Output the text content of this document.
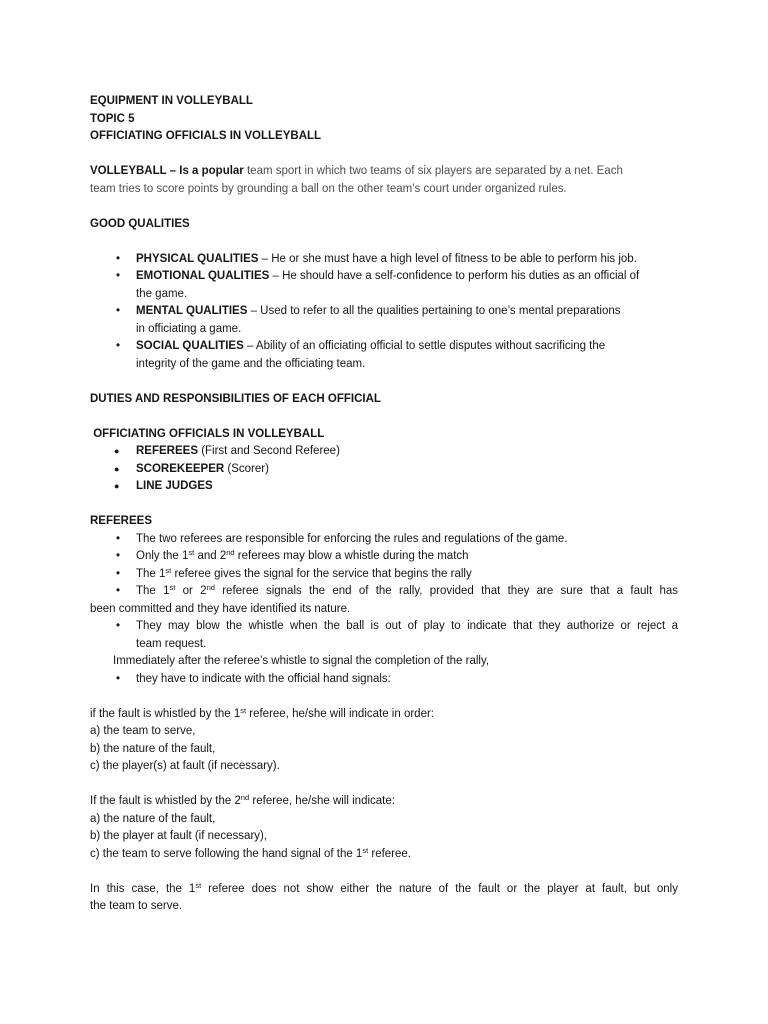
EQUIPMENT IN VOLLEYBALL
TOPIC 5
OFFICIATING OFFICIALS IN VOLLEYBALL
VOLLEYBALL – Is a popular team sport in which two teams of six players are separated by a net. Each
team tries to score points by grounding a ball on the other team’s court under organized rules.
GOOD QUALITIES
• PHYSICAL QUALITIES – He or she must have a high level of fitness to be able to perform his job.
• EMOTIONAL QUALITIES – He should have a self-confidence to perform his duties as an official of
the game.
• MENTAL QUALITIES – Used to refer to all the qualities pertaining to one’s mental preparations
in officiating a game.
• SOCIAL QUALITIES – Ability of an officiating official to settle disputes without sacrificing the
integrity of the game and the officiating team.
DUTIES AND RESPONSIBILITIES OF EACH OFFICIAL
OFFICIATING OFFICIALS IN VOLLEYBALL
● REFEREES (First and Second Referee)
● SCOREKEEPER (Scorer)
● LINE JUDGES
REFEREES
• The two referees are responsible for enforcing the rules and regulations of the game.
• Only the 1st and 2nd referees may blow a whistle during the match
• The 1st referee gives the signal for the service that begins the rally
• The 1st or 2nd referee signals the end of the rally, provided that they are sure that a fault has
been committed and they have identified its nature.
• They may blow the whistle when the ball is out of play to indicate that they authorize or reject a
team request.
Immediately after the referee’s whistle to signal the completion of the rally,
• they have to indicate with the official hand signals:
if the fault is whistled by the 1st referee, he/she will indicate in order:
a) the team to serve,
b) the nature of the fault,
c) the player(s) at fault (if necessary).
If the fault is whistled by the 2nd referee, he/she will indicate:
a) the nature of the fault,
b) the player at fault (if necessary),
c) the team to serve following the hand signal of the 1st referee.
In this case, the 1st referee does not show either the nature of the fault or the player at fault, but only
the team to serve.
